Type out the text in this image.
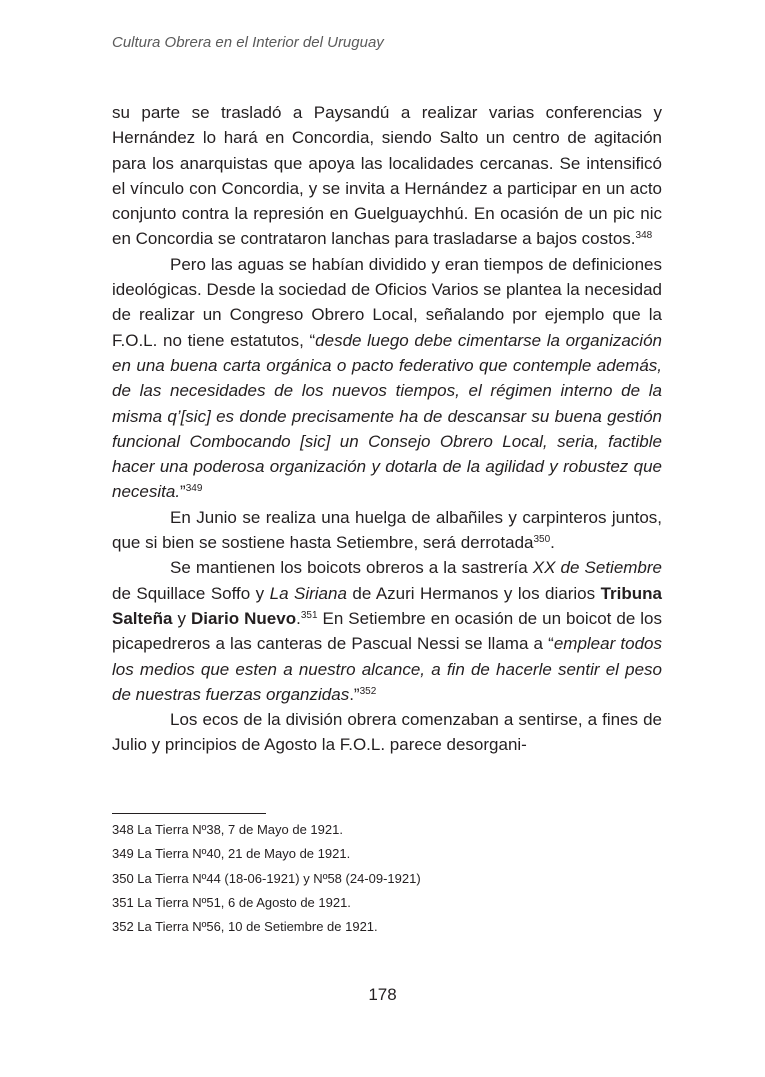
Cultura Obrera en el Interior del Uruguay

su parte se trasladó a Paysandú a realizar varias conferencias y Hernández lo hará en Concordia, siendo Salto un centro de agitación para los anarquistas que apoya las localidades cercanas. Se intensificó el vínculo con Concordia, y se invita a Hernández a participar en un acto conjunto contra la represión en Guelguaychhú. En ocasión de un pic nic en Concordia se contrataron lanchas para trasladarse a bajos costos.$^{348}$

Pero las aguas se habían dividido y eran tiempos de definiciones ideológicas. Desde la sociedad de Oficios Varios se plantea la necesidad de realizar un Congreso Obrero Local, señalando por ejemplo que la F.O.L. no tiene estatutos, “desde luego debe cimentarse la organización en una buena carta orgánica o pacto federativo que contemple además, de las necesidades de los nuevos tiempos, el régimen interno de la misma q’[sic] es donde precisamente ha de descansar su buena gestión funcional Combocando [sic] un Consejo Obrero Local, seria, factible hacer una poderosa organización y dotarla de la agilidad y robustez que necesita.”$^{349}$

En Junio se realiza una huelga de albañiles y carpinteros juntos, que si bien se sostiene hasta Setiembre, será derrotada$^{350}$.

Se mantienen los boicots obreros a la sastrería XX de Setiembre de Squillace Soffo y La Siriana de Azuri Hermanos y los diarios Tribuna Salteña y Diario Nuevo.$^{351}$ En Setiembre en ocasión de un boicot de los picapedreros a las canteras de Pascual Nessi se llama a “emplear todos los medios que esten a nuestro alcance, a fin de hacerle sentir el peso de nuestras fuerzas organzidas.”$^{352}$

Los ecos de la división obrera comenzaban a sentirse, a fines de Julio y principios de Agosto la F.O.L. parece desorgani-

348 La Tierra Nº38, 7 de Mayo de 1921.
349 La Tierra Nº40, 21 de Mayo de 1921.
350 La Tierra Nº44 (18-06-1921) y Nº58 (24-09-1921)
351 La Tierra Nº51, 6 de Agosto de 1921.
352 La Tierra Nº56, 10 de Setiembre de 1921.
178
